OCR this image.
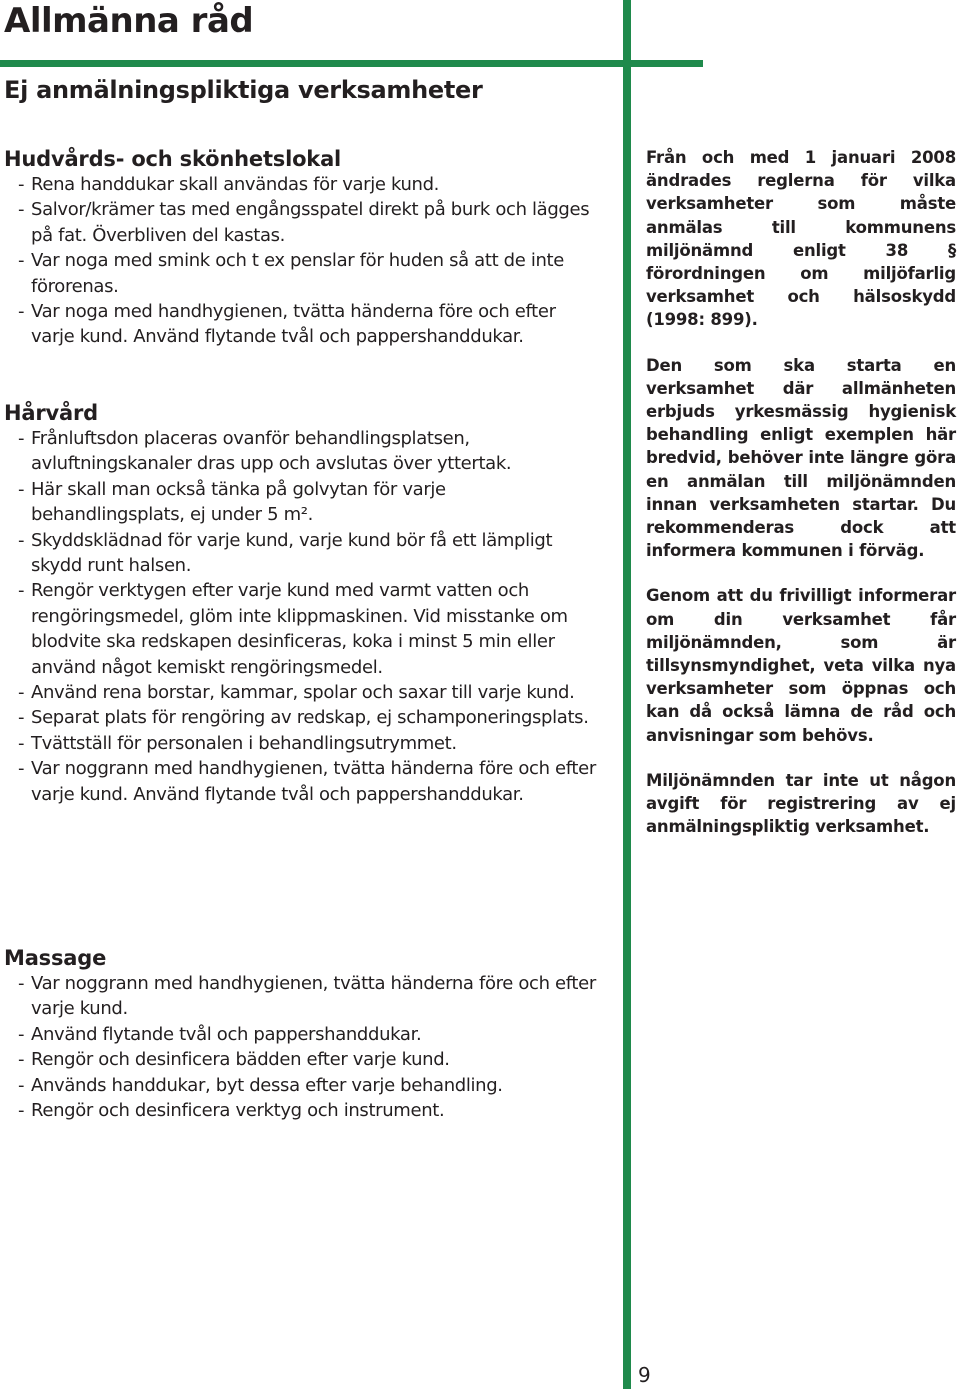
Allmänna råd
Ej anmälningspliktiga verksamheter
Hudvårds- och skönhetslokal
- Rena handdukar skall användas för varje kund.
- Salvor/krämer tas med engångsspatel direkt på burk och lägges på fat. Överbliven del kastas.
- Var noga med smink och t ex penslar för huden så att de inte förorenas.
- Var noga med handhygienen, tvätta händerna före och efter varje kund. Använd flytande tvål och pappershanddukar.
Hårvård
- Frånluftsdon placeras ovanför behandlingsplatsen, avluftningskanaler dras upp och avslutas över yttertak.
- Här skall man också tänka på golvytan för varje behandlingsplats, ej under 5 m².
- Skyddsklädnad för varje kund, varje kund bör få ett lämpligt skydd runt halsen.
- Rengör verktygen efter varje kund med varmt vatten och rengöringsmedel, glöm inte klippmaskinen. Vid misstanke om blodvite ska redskapen desinficeras, koka i minst 5 min eller använd något kemiskt rengöringsmedel.
- Använd rena borstar, kammar, spolar och saxar till varje kund.
- Separat plats för rengöring av redskap, ej schamponeringsplats.
- Tvättställ för personalen i behandlingsutrymmet.
- Var noggrann med handhygienen, tvätta händerna före och efter varje kund. Använd flytande tvål och pappershanddukar.
Massage
- Var noggrann med handhygienen, tvätta händerna före och efter varje kund.
- Använd flytande tvål och pappershanddukar.
- Rengör och desinficera bädden efter varje kund.
- Används handdukar, byt dessa efter varje behandling.
- Rengör och desinficera verktyg och instrument.

Från och med 1 januari 2008 ändrades reglerna för vilka verksamheter som måste anmälas till kommunens miljönämnd enligt 38 § förordningen om miljöfarlig verksamhet och hälsoskydd (1998: 899).

Den som ska starta en verksamhet där allmänheten erbjuds yrkesmässig hygienisk behandling enligt exemplen här bredvid, behöver inte längre göra en anmälan till miljönämnden innan verksamheten startar. Du rekommenderas dock att informera kommunen i förväg.

Genom att du frivilligt informerar om din verksamhet får miljönämnden, som är tillsynsmyndighet, veta vilka nya verksamheter som öppnas och kan då också lämna de råd och anvisningar som behövs.

Miljönämnden tar inte ut någon avgift för registrering av ej anmälningspliktig verksamhet.

9
